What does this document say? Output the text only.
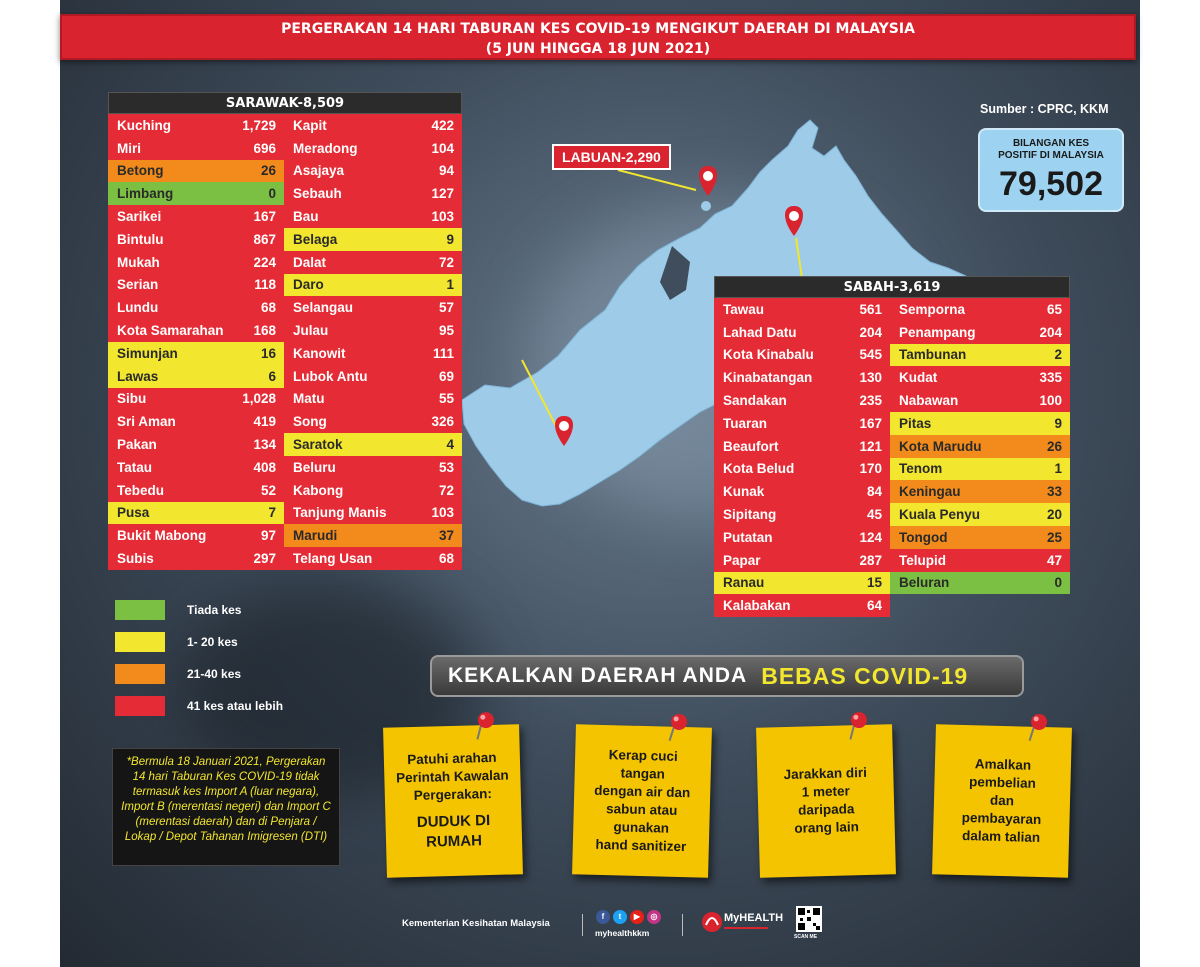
PERGERAKAN 14 HARI TABURAN KES COVID-19 MENGIKUT DAERAH DI MALAYSIA
(5 JUN HINGGA 18 JUN 2021)
LABUAN-2,290
SARAWAK-8,509
Kuching	1,729
Miri	696
Betong	26
Limbang	0
Sarikei	167
Bintulu	867
Mukah	224
Serian	118
Lundu	68
Kota Samarahan 168
Simunjan	16
Lawas	6
Sibu	1,028
Sri Aman	419
Pakan	134
Tatau	408
Tebedu	52
Pusa	7
Bukit Mabong	97
Subis	297
Kapit	422
Meradong	104
Asajaya	94
Sebauh	127
Bau	103
Belaga	9
Dalat	72
Daro	1
Selangau	57
Julau	95
Kanowit	111
Lubok Antu	69
Matu	55
Song	326
Saratok	4
Beluru	53
Kabong	72
Tanjung Manis	103
Marudi	37
Telang Usan	68
SABAH-3,619
Tawau	561
Lahad Datu	204
Kota Kinabalu	545
Kinabatangan	130
Sandakan	235
Tuaran	167
Beaufort	121
Kota Belud	170
Kunak	84
Sipitang	45
Putatan	124
Papar	287
Ranau	15
Kalabakan	64
Semporna	65
Penampang	204
Tambunan	2
Kudat	335
Nabawan	100
Pitas	9
Kota Marudu	26
Tenom	1
Keningau	33
Kuala Penyu	20
Tongod	25
Telupid	47
Beluran	0
Sumber : CPRC, KKM
BILANGAN KES
POSITIF DI MALAYSIA
79,502
Tiada kes
1- 20 kes
21-40 kes
41 kes atau lebih
*Bermula 18 Januari 2021, Pergerakan 14 hari Taburan Kes COVID-19 tidak termasuk kes Import A (luar negara), Import B (merentasi negeri) dan Import C (merentasi daerah) dan di Penjara / Lokap / Depot Tahanan Imigresen (DTI)
KEKALKAN DAERAH ANDA BEBAS COVID-19
Patuhi arahan
Perintah Kawalan
Pergerakan:
DUDUK DI
RUMAH
Kerap cuci
tangan
dengan air dan
sabun atau
gunakan
hand sanitizer
Jarakkan diri
1 meter
daripada
orang lain
Amalkan
pembelian
dan
pembayaran
dalam talian
Kementerian Kesihatan Malaysia
f	t	▶	◎
myhealthkkm
MyHEALTH
SCAN ME
